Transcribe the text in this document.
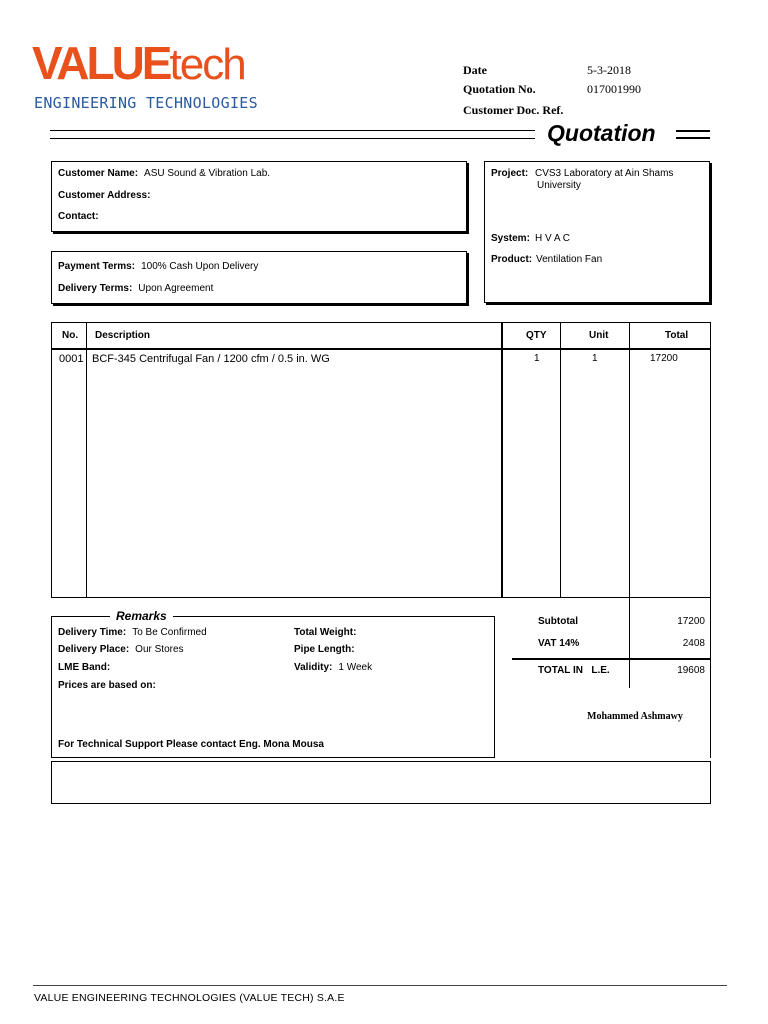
VALUEtech
ENGINEERING TECHNOLOGIES
Date	5-3-2018
Quotation No.	017001990
Customer Doc. Ref.
Quotation
Customer Name: ASU Sound & Vibration Lab.
Customer Address:
Contact:
Project: CVS3 Laboratory at Ain Shams
University
System: H V A C
Product: Ventilation Fan
Payment Terms: 100% Cash Upon Delivery
Delivery Terms: Upon Agreement
No. Description	QTY	Unit	Total
0001 BCF-345 Centrifugal Fan / 1200 cfm / 0.5 in. WG	1	1	17200
Remarks
Delivery Time: To Be Confirmed
Delivery Place: Our Stores
LME Band:
Prices are based on:
Total Weight:
Pipe Length:
Validity: 1 Week
For Technical Support Please contact Eng. Mona Mousa
Subtotal	17200
VAT 14%	2408
TOTAL IN   L.E.	19608
Mohammed Ashmawy
VALUE ENGINEERING TECHNOLOGIES (VALUE TECH) S.A.E
